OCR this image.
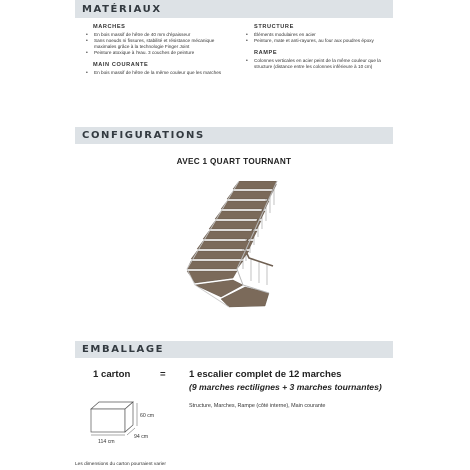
MATÉRIAUX
MARCHES
• En bois massif de hêtre de 40 mm d'épaisseur
• Sans noeuds ni fissures, stabilité et résistance mécanique maximales grâce à la technologie Finger Joint
• Peinture atoxique à l'eau. 3 couches de peinture
MAIN COURANTE
• En bois massif de hêtre de la même couleur que les marches
STRUCTURE
• Éléments modulaires en acier
• Peinture, mate et anti-rayures, au four aux poudres époxy
RAMPE
• Colonnes verticales en acier peint de la même couleur que la structure (distance entre les colonnes inférieure à 10 cm)
CONFIGURATIONS
AVEC 1 QUART TOURNANT
EMBALLAGE
1 carton	= 1 escalier complet de 12 marches
(9 marches rectilignes + 3 marches tournantes)
Structure, Marches, Rampe (côté interne), Main courante
60 cm
114 cm
94 cm
Les dimensions du carton pourraient varier
